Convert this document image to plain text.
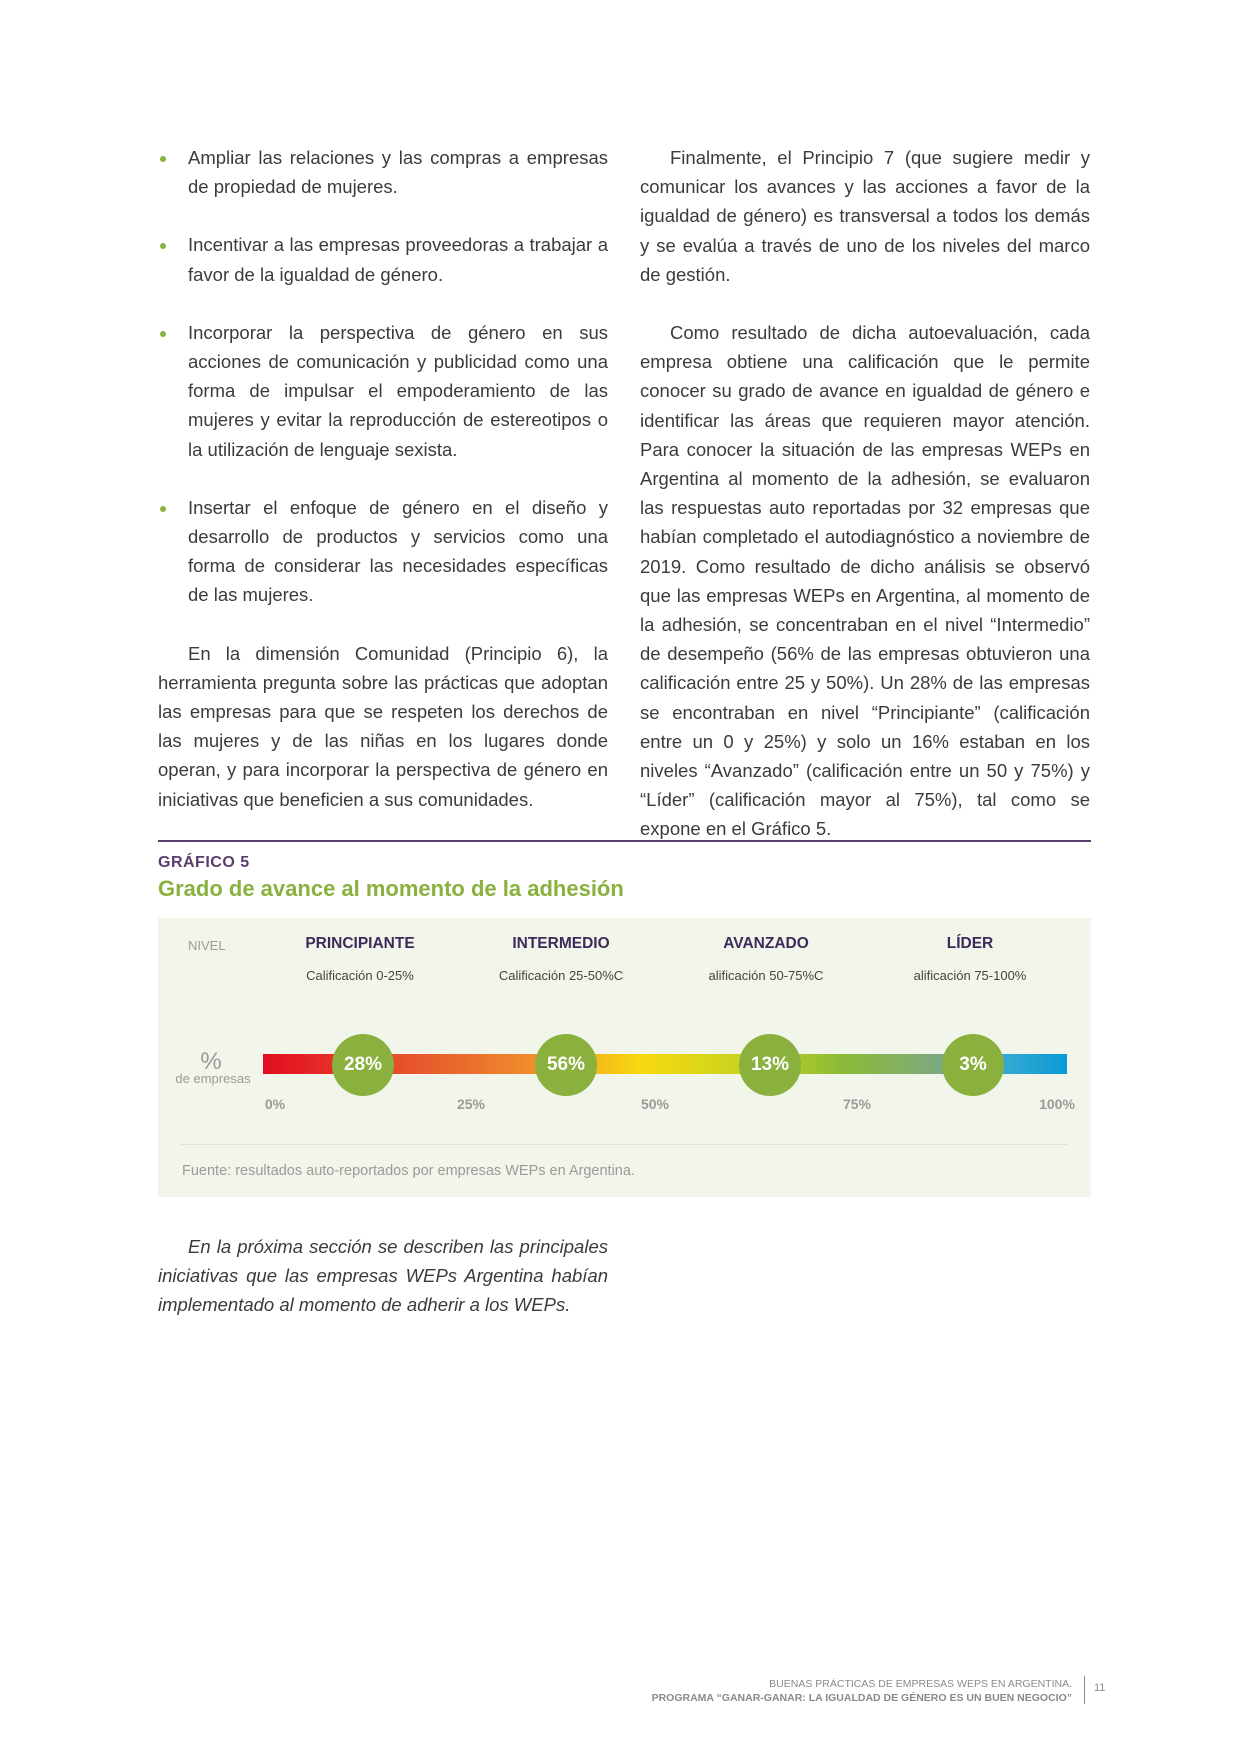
Ampliar las relaciones y las compras a empresas de propiedad de mujeres.

Incentivar a las empresas proveedoras a trabajar a favor de la igualdad de género.

Incorporar la perspectiva de género en sus acciones de comunicación y publicidad como una forma de impulsar el empoderamiento de las mujeres y evitar la reproducción de estereotipos o la utilización de lenguaje sexista.

Insertar el enfoque de género en el diseño y desarrollo de productos y servicios como una forma de considerar las necesidades específicas de las mujeres.

En la dimensión Comunidad (Principio 6), la herramienta pregunta sobre las prácticas que adoptan las empresas para que se respeten los derechos de las mujeres y de las niñas en los lugares donde operan, y para incorporar la perspectiva de género en iniciativas que beneficien a sus comunidades.

Finalmente, el Principio 7 (que sugiere medir y comunicar los avances y las acciones a favor de la igualdad de género) es transversal a todos los demás y se evalúa a través de uno de los niveles del marco de gestión.

Como resultado de dicha autoevaluación, cada empresa obtiene una calificación que le permite conocer su grado de avance en igualdad de género e identificar las áreas que requieren mayor atención. Para conocer la situación de las empresas WEPs en Argentina al momento de la adhesión, se evaluaron las respuestas auto reportadas por 32 empresas que habían completado el autodiagnóstico a noviembre de 2019. Como resultado de dicho análisis se observó que las empresas WEPs en Argentina, al momento de la adhesión, se concentraban en el nivel “Intermedio” de desempeño (56% de las empresas obtuvieron una calificación entre 25 y 50%). Un 28% de las empresas se encontraban en nivel “Principiante” (calificación entre un 0 y 25%) y solo un 16% estaban en los niveles “Avanzado” (calificación entre un 50 y 75%) y “Líder” (calificación mayor al 75%), tal como se expone en el Gráfico 5.

GRÁFICO 5
Grado de avance al momento de la adhesión
NIVEL	PRINCIPIANTE	INTERMEDIO	AVANZADO	LÍDER
Calificación 0-25%	Calificación 25-50%C	alificación 50-75%C	alificación 75-100%
%
de empresas
28%	56%	13%	3%
0%	25%	50%	75%	100%
Fuente: resultados auto-reportados por empresas WEPs en Argentina.

En la próxima sección se describen las principales iniciativas que las empresas WEPs Argentina habían implementado al momento de adherir a los WEPs.

BUENAS PRÁCTICAS DE EMPRESAS WEPS EN ARGENTINA.
PROGRAMA “GANAR-GANAR: LA IGUALDAD DE GÉNERO ES UN BUEN NEGOCIO”
11
